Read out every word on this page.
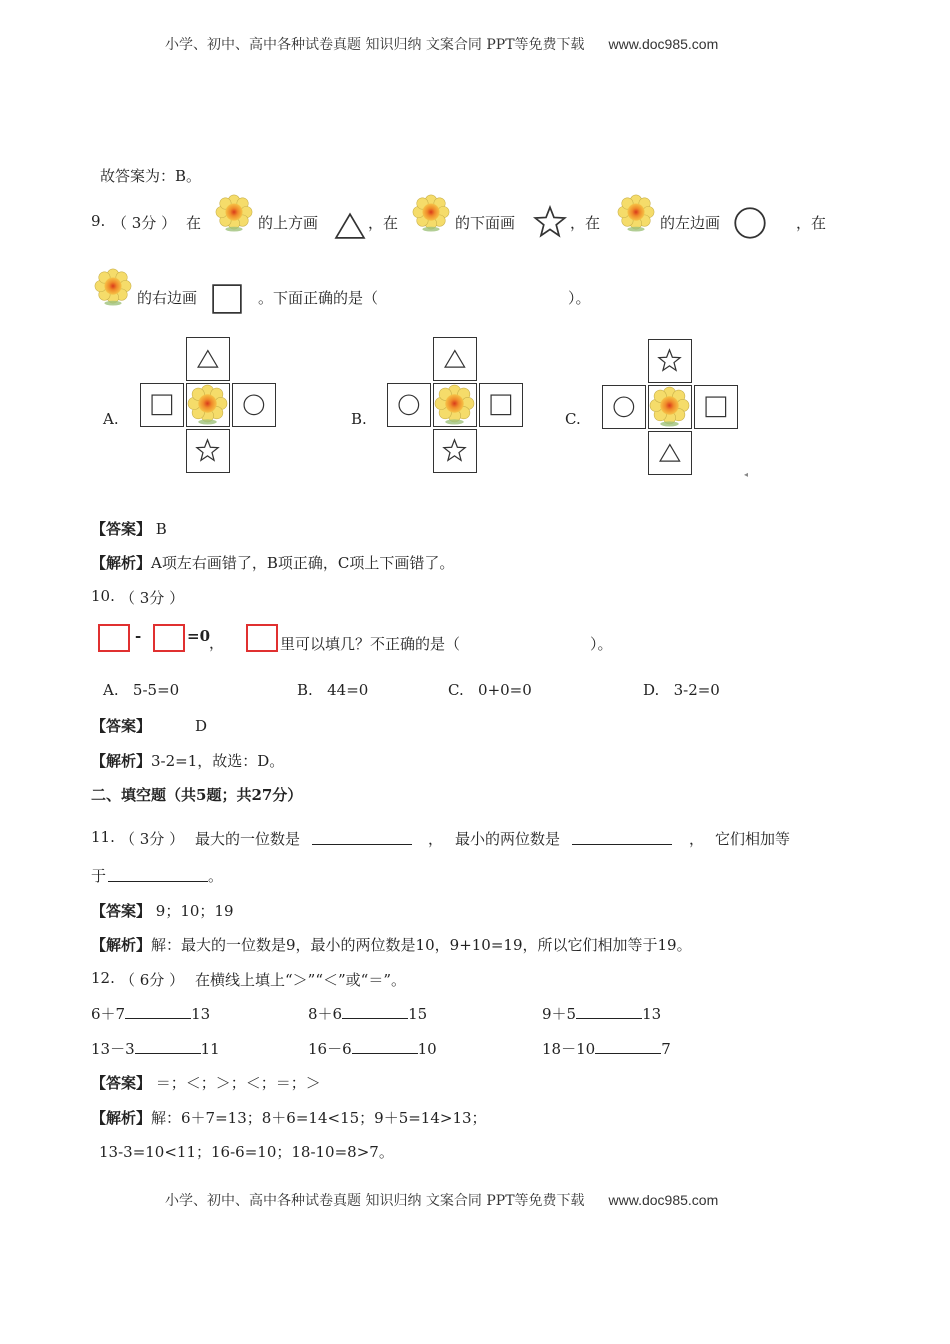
小学、初中、高中各种试卷真题 知识归纳 文案合同 PPT等免费下载 www.doc985.com
故答案为：B。
9. （ 3分 ） 在	的上方画	，在	的下面画	，在	的左边画	，在
的右边画	。下面正确的是（	）。
A.	B.	C.
◂
【答案】 B
【解析】A项左右画错了，B项正确，C项上下画错了。
10. （ 3分 ）
-	=0
，	里可以填几？不正确的是（	）。
A. 5-5=0	B. 44=0	C. 0+0=0	D. 3-2=0
【答案】	D
【解析】3-2=1，故选：D。
二、填空题（共5题；共27分）
11. （ 3分 ） 最大的一位数是	， 最小的两位数是	， 它们相加等
于	。
【答案】 9；10；19
【解析】解：最大的一位数是9，最小的两位数是10，9+10=19，所以它们相加等于19。
12. （ 6分 ） 在横线上填上“＞”“＜”或“＝”。
6＋7	13	8＋6	15	9＋5	13
13－3	11	16－6	10	18－10	7
【答案】 ＝；＜；＞；＜；＝；＞
【解析】解：6＋7=13；8＋6=14<15；9＋5=14>13；
13-3=10<11；16-6=10；18-10=8>7。
小学、初中、高中各种试卷真题 知识归纳 文案合同 PPT等免费下载 www.doc985.com
